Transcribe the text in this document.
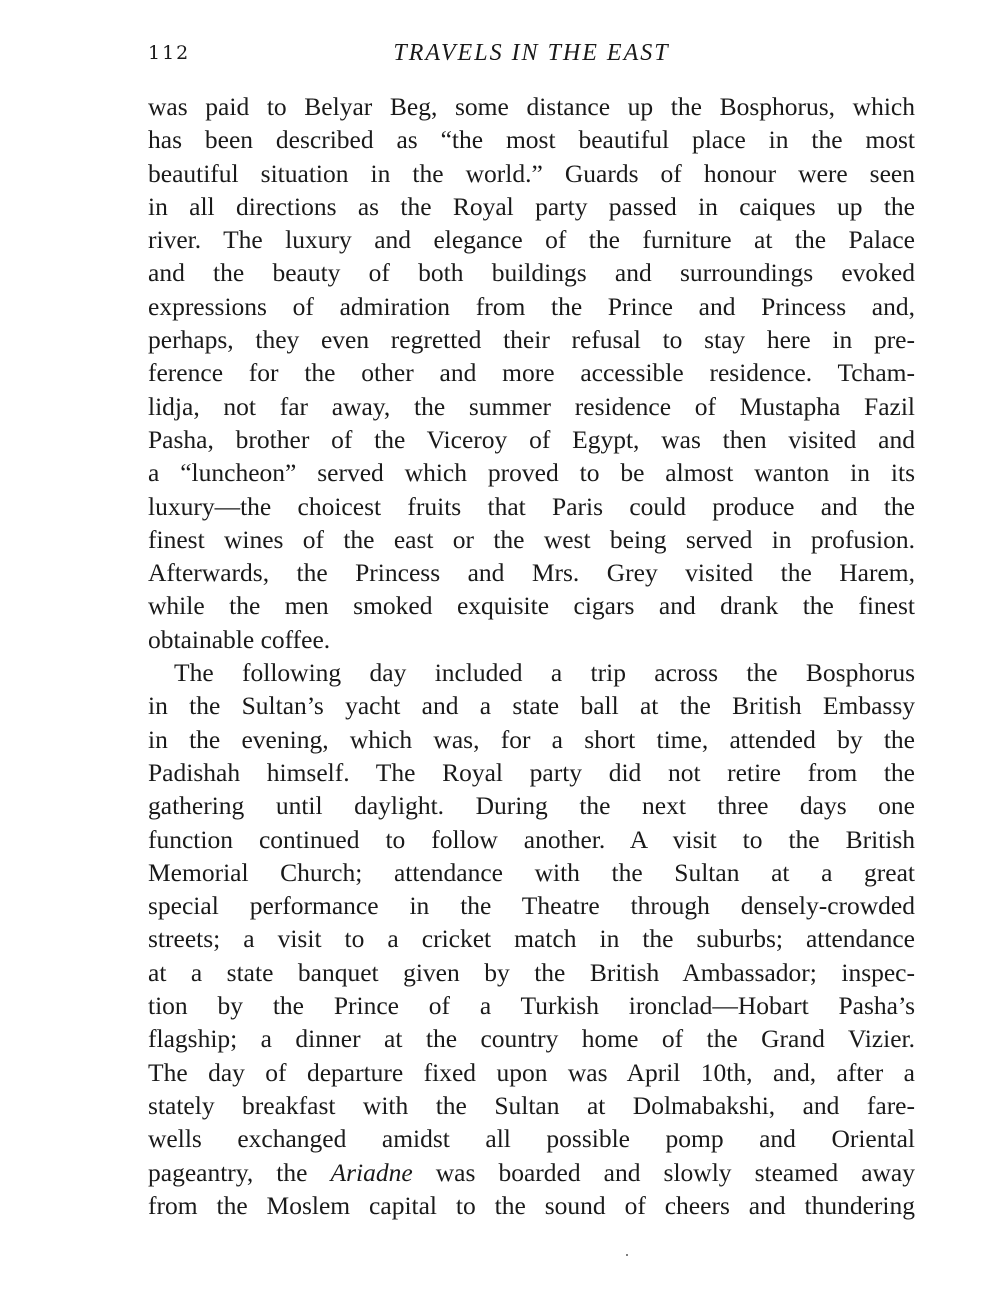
112	TRAVELS IN THE EAST
was paid to Belyar Beg, some distance up the Bosphorus, which
has been described as “the most beautiful place in the most
beautiful situation in the world.” Guards of honour were seen
in all directions as the Royal party passed in caiques up the
river. The luxury and elegance of the furniture at the Palace
and the beauty of both buildings and surroundings evoked
expressions of admiration from the Prince and Princess and,
perhaps, they even regretted their refusal to stay here in pre-
ference for the other and more accessible residence. Tcham-
lidja, not far away, the summer residence of Mustapha Fazil
Pasha, brother of the Viceroy of Egypt, was then visited and
a “luncheon” served which proved to be almost wanton in its
luxury—the choicest fruits that Paris could produce and the
finest wines of the east or the west being served in profusion.
Afterwards, the Princess and Mrs. Grey visited the Harem,
while the men smoked exquisite cigars and drank the finest
obtainable coffee.
The following day included a trip across the Bosphorus
in the Sultan’s yacht and a state ball at the British Embassy
in the evening, which was, for a short time, attended by the
Padishah himself. The Royal party did not retire from the
gathering until daylight. During the next three days one
function continued to follow another. A visit to the British
Memorial Church; attendance with the Sultan at a great
special performance in the Theatre through densely-crowded
streets; a visit to a cricket match in the suburbs; attendance
at a state banquet given by the British Ambassador; inspec-
tion by the Prince of a Turkish ironclad—Hobart Pasha’s
flagship; a dinner at the country home of the Grand Vizier.
The day of departure fixed upon was April 10th, and, after a
stately breakfast with the Sultan at Dolmabakshi, and fare-
wells exchanged amidst all possible pomp and Oriental
pageantry, the Ariadne was boarded and slowly steamed away
from the Moslem capital to the sound of cheers and thundering
